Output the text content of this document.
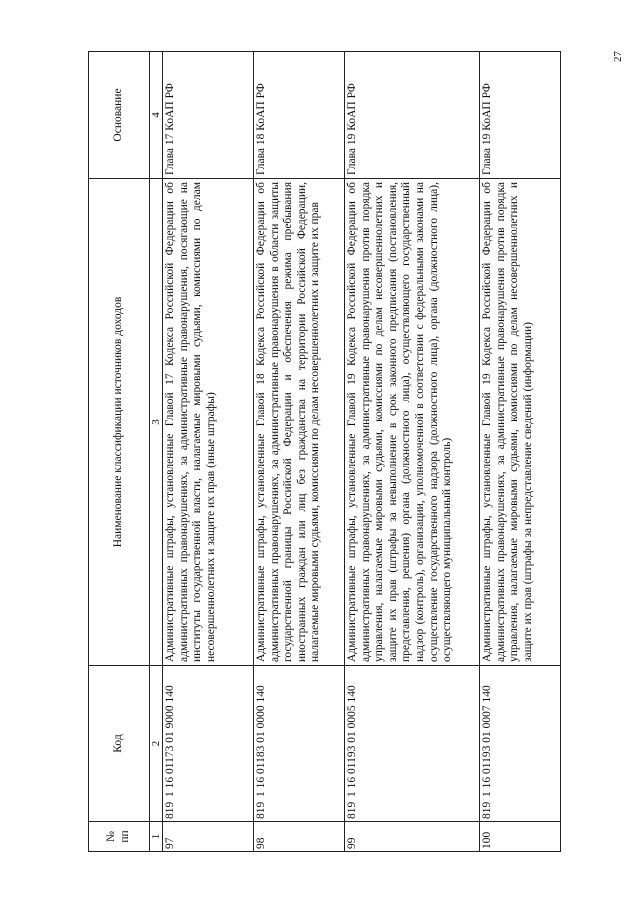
27
№
пп	Код	Наименование классификации источников доходов	Основание
1	2	3	4
97	8191 16 01173 01 9000 140	Административные штрафы, установленные Главой 17 Кодекса Российской Федерации об административных правонарушениях, за административные правонарушения, посягающие на институты государственной власти, налагаемые мировыми судьями, комиссиями по делам несовершеннолетних и защите их прав (иные штрафы)	Глава 17 КоАП РФ
98	8191 16 01183 01 0000 140	Административные штрафы, установленные Главой 18 Кодекса Российской Федерации об административных правонарушениях, за административные правонарушения в области защиты государственной границы Российской Федерации и обеспечения режима пребывания иностранных граждан или лиц без гражданства на территории Российской Федерации, налагаемые мировыми судьями, комиссиями по делам несовершеннолетних и защите их прав	Глава 18 КоАП РФ
99	8191 16 01193 01 0005 140	Административные штрафы, установленные Главой 19 Кодекса Российской Федерации об административных правонарушениях, за административные правонарушения против порядка управления, налагаемые мировыми судьями, комиссиями по делам несовершеннолетних и защите их прав (штрафы за невыполнение в срок законного предписания (постановления, представления, решения) органа (должностного лица), осуществляющего государственный надзор (контроль), организации, уполномоченной в соответствии с федеральными законами на осуществление государственного надзора (должностного лица), органа (должностного лица), осуществляющего муниципальный контроль)	Глава 19 КоАП РФ
100	8191 16 01193 01 0007 140	Административные штрафы, установленные Главой 19 Кодекса Российской Федерации об административных правонарушениях, за административные правонарушения против порядка управления, налагаемые мировыми судьями, комиссиями по делам несовершеннолетних и защите их прав (штрафы за непредставление сведений (информации)	Глава 19 КоАП РФ
